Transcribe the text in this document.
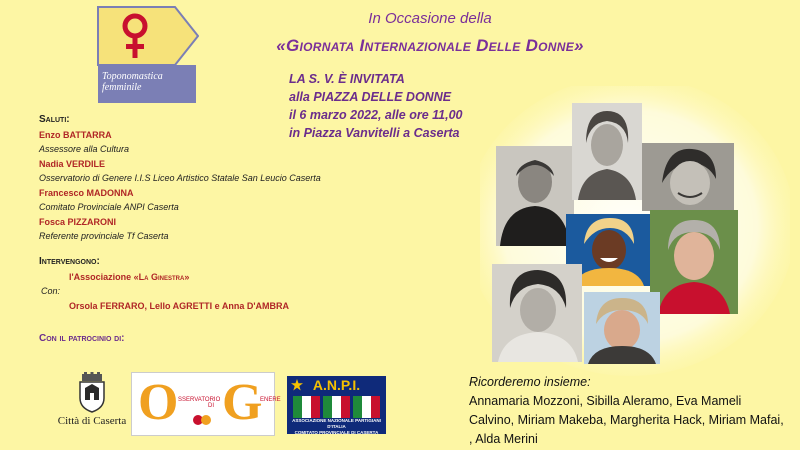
Toponomastica
femminile
In Occasione della
«Giornata Internazionale Delle Donne»
LA S. V. È INVITATA
alla PIAZZA DELLE DONNE
il 6 marzo 2022, alle ore 11,00
in Piazza Vanvitelli a Caserta
Saluti:
Enzo BATTARRA
Assessore alla Cultura
Nadia VERDILE
Osservatorio di Genere I.I.S Liceo Artistico Statale San Leucio Caserta
Francesco MADONNA
Comitato Provinciale ANPI Caserta
Fosca PIZZARONI
Referente provinciale Tf Caserta
Intervengono:
l'Associazione «La Ginestra»
Con:
Orsola FERRARO, Lello AGRETTI e Anna D'AMBRA
Con il patrocinio di:
Città di Caserta O SSERVATORIO
DI G
ENERE
A.N.P.I.
ASSOCIAZIONE NAZIONALE PARTIGIANI D'ITALIA
COMITATO PROVINCIALE DI CASERTA
Ricorderemo insieme:
Annamaria Mozzoni, Sibilla Aleramo, Eva Mameli Calvino, Miriam Makeba, Margherita Hack, Miriam Mafai, , Alda Merini
